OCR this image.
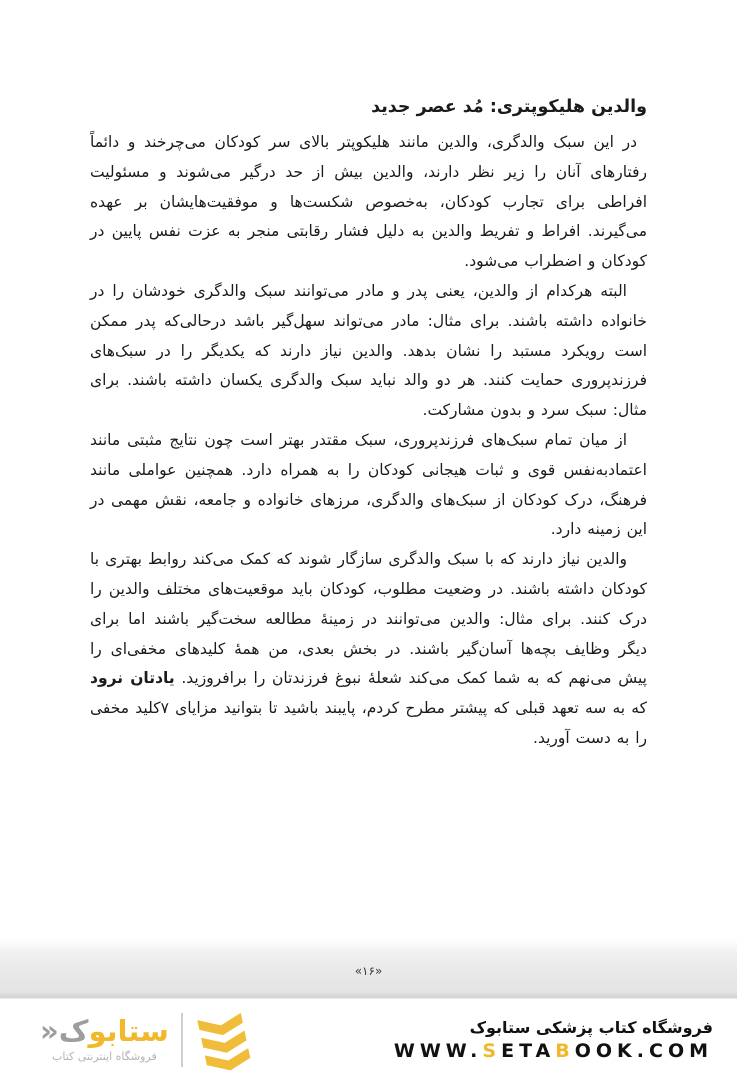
والدین هلیکوپتری: مُد عصر جدید

در این سبک والدگری، والدین مانند هلیکوپتر بالای سر کودکان می‌چرخند و دائماً رفتارهای آنان را زیر نظر دارند، والدین بیش از حد درگیر می‌شوند و مسئولیت افراطی برای تجارب کودکان، به‌خصوص شکست‌ها و موفقیت‌هایشان بر عهده می‌گیرند. افراط و تفریط والدین به دلیل فشار رقابتی منجر به عزت نفس پایین در کودکان و اضطراب می‌شود.

البته هرکدام از والدین، یعنی پدر و مادر می‌توانند سبک والدگری خودشان را در خانواده داشته باشند. برای مثال: مادر می‌تواند سهل‌گیر باشد درحالی‌که پدر ممکن است رویکرد مستبد را نشان بدهد. والدین نیاز دارند که یکدیگر را در سبک‌های فرزندپروری حمایت کنند. هر دو والد نباید سبک والدگری یکسان داشته باشند. برای مثال: سبک سرد و بدون مشارکت.

از میان تمام سبک‌های فرزندپروری، سبک مقتدر بهتر است چون نتایج مثبتی مانند اعتمادبه‌نفس قوی و ثبات هیجانی کودکان را به همراه دارد. همچنین عواملی مانند فرهنگ، درک کودکان از سبک‌های والدگری، مرزهای خانواده و جامعه، نقش مهمی در این زمینه دارد.

والدین نیاز دارند که با سبک والدگری سازگار شوند که کمک می‌کند روابط بهتری با کودکان داشته باشند. در وضعیت مطلوب، کودکان باید موقعیت‌های مختلف والدین را درک کنند. برای مثال: والدین می‌توانند در زمینهٔ مطالعه سخت‌گیر باشند اما برای دیگر وظایف بچه‌ها آسان‌گیر باشند. در بخش بعدی، من همهٔ کلیدهای مخفی‌ای را پیش می‌نهم که به شما کمک می‌کند شعلهٔ نبوغ فرزندتان را برافروزید. یادتان نرود که به سه تعهد قبلی که پیشتر مطرح کردم، پایبند باشید تا بتوانید مزایای ۷کلید مخفی را به دست آورید.

«۱۶»
ستابوک«
فروشگاه اینترنتی کتاب
فروشگاه کتاب پزشکی ستابوک
WWW.SETABOOK.COM
